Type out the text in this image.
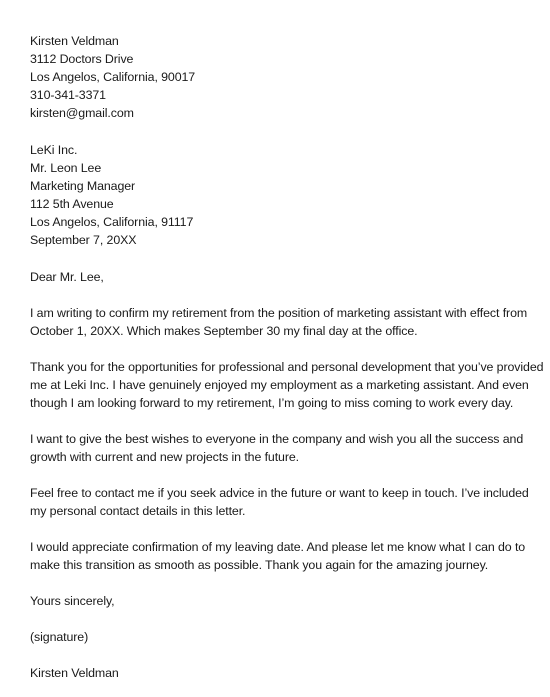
Kirsten Veldman
3112 Doctors Drive
Los Angelos, California, 90017
310-341-3371
kirsten@gmail.com
LeKi Inc.
Mr. Leon Lee
Marketing Manager
112 5th Avenue
Los Angelos, California, 91117
September 7, 20XX
Dear Mr. Lee,
I am writing to confirm my retirement from the position of marketing assistant with effect from
October 1, 20XX. Which makes September 30 my final day at the office.
Thank you for the opportunities for professional and personal development that you’ve provided
me at Leki Inc. I have genuinely enjoyed my employment as a marketing assistant. And even
though I am looking forward to my retirement, I’m going to miss coming to work every day.
I want to give the best wishes to everyone in the company and wish you all the success and
growth with current and new projects in the future.
Feel free to contact me if you seek advice in the future or want to keep in touch. I’ve included
my personal contact details in this letter.
I would appreciate confirmation of my leaving date. And please let me know what I can do to
make this transition as smooth as possible. Thank you again for the amazing journey.
Yours sincerely,
(signature)
Kirsten Veldman
